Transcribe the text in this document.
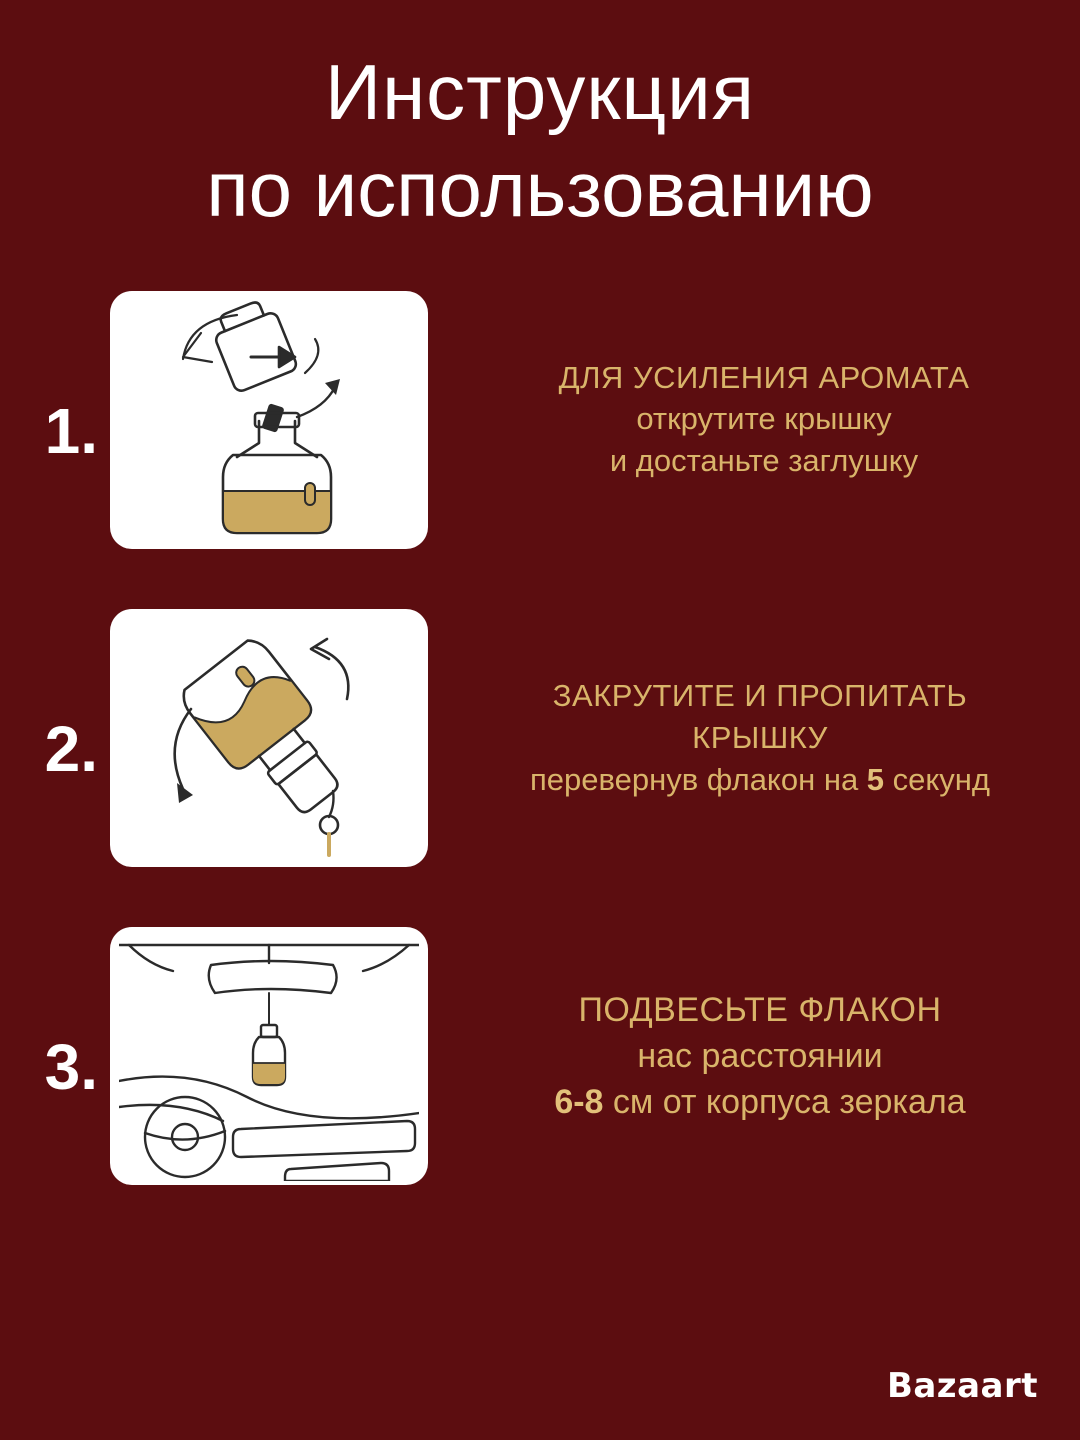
Инструкция
по использованию
1.
ДЛЯ УСИЛЕНИЯ АРОМАТА
открутите крышку
и достаньте заглушку
2.
ЗАКРУТИТЕ И ПРОПИТАТЬ
КРЫШКУ
перевернув флакон на 5 секунд
3.
ПОДВЕСЬТЕ ФЛАКОН
нас расстоянии
6-8 см от корпуса зеркала
Bazaart
